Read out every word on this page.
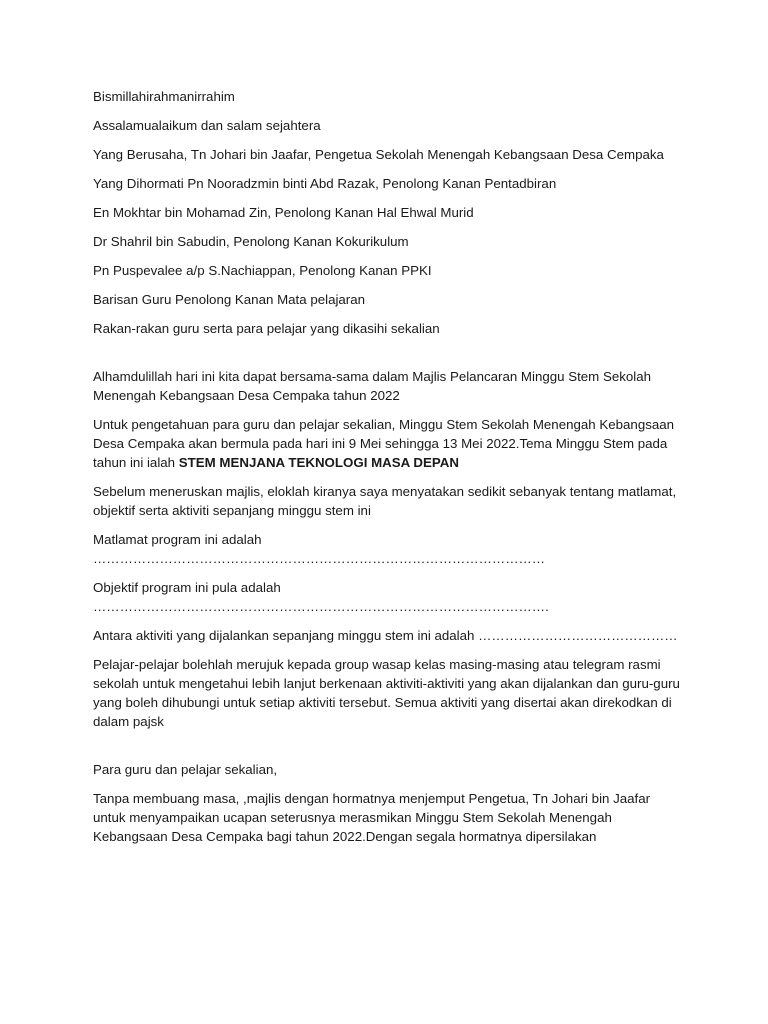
Bismillahirahmanirrahim

Assalamualaikum dan salam sejahtera

Yang Berusaha, Tn Johari bin Jaafar, Pengetua Sekolah Menengah Kebangsaan Desa Cempaka

Yang Dihormati Pn Nooradzmin binti Abd Razak, Penolong Kanan Pentadbiran

En Mokhtar bin Mohamad Zin, Penolong Kanan Hal Ehwal Murid

Dr Shahril bin Sabudin, Penolong Kanan Kokurikulum

Pn Puspevalee a/p S.Nachiappan, Penolong Kanan PPKI

Barisan Guru Penolong Kanan Mata pelajaran

Rakan-rakan guru serta para pelajar yang dikasihi sekalian

Alhamdulillah hari ini kita dapat bersama-sama dalam Majlis Pelancaran Minggu Stem Sekolah Menengah Kebangsaan Desa Cempaka tahun 2022

Untuk pengetahuan para guru dan pelajar sekalian, Minggu Stem Sekolah Menengah Kebangsaan Desa Cempaka akan bermula pada hari ini 9 Mei sehingga 13 Mei 2022.Tema Minggu Stem pada tahun ini ialah STEM MENJANA TEKNOLOGI MASA DEPAN

Sebelum meneruskan majlis, eloklah kiranya saya menyatakan sedikit sebanyak tentang matlamat, objektif serta aktiviti sepanjang minggu stem ini

Matlamat program ini adalah …………………………………………………………………………………………

Objektif program ini pula adalah ………………………………………………………………………………………….

Antara aktiviti yang dijalankan sepanjang minggu stem ini adalah ………………………………………

Pelajar-pelajar bolehlah merujuk kepada group wasap kelas masing-masing atau telegram rasmi sekolah untuk mengetahui lebih lanjut berkenaan aktiviti-aktiviti yang akan dijalankan dan guru-guru yang boleh dihubungi untuk setiap aktiviti tersebut. Semua aktiviti yang disertai akan direkodkan di dalam pajsk

Para guru dan pelajar sekalian,

Tanpa membuang masa, ,majlis dengan hormatnya menjemput Pengetua, Tn Johari bin Jaafar untuk menyampaikan ucapan seterusnya merasmikan Minggu Stem Sekolah Menengah Kebangsaan Desa Cempaka bagi tahun 2022.Dengan segala hormatnya dipersilakan
